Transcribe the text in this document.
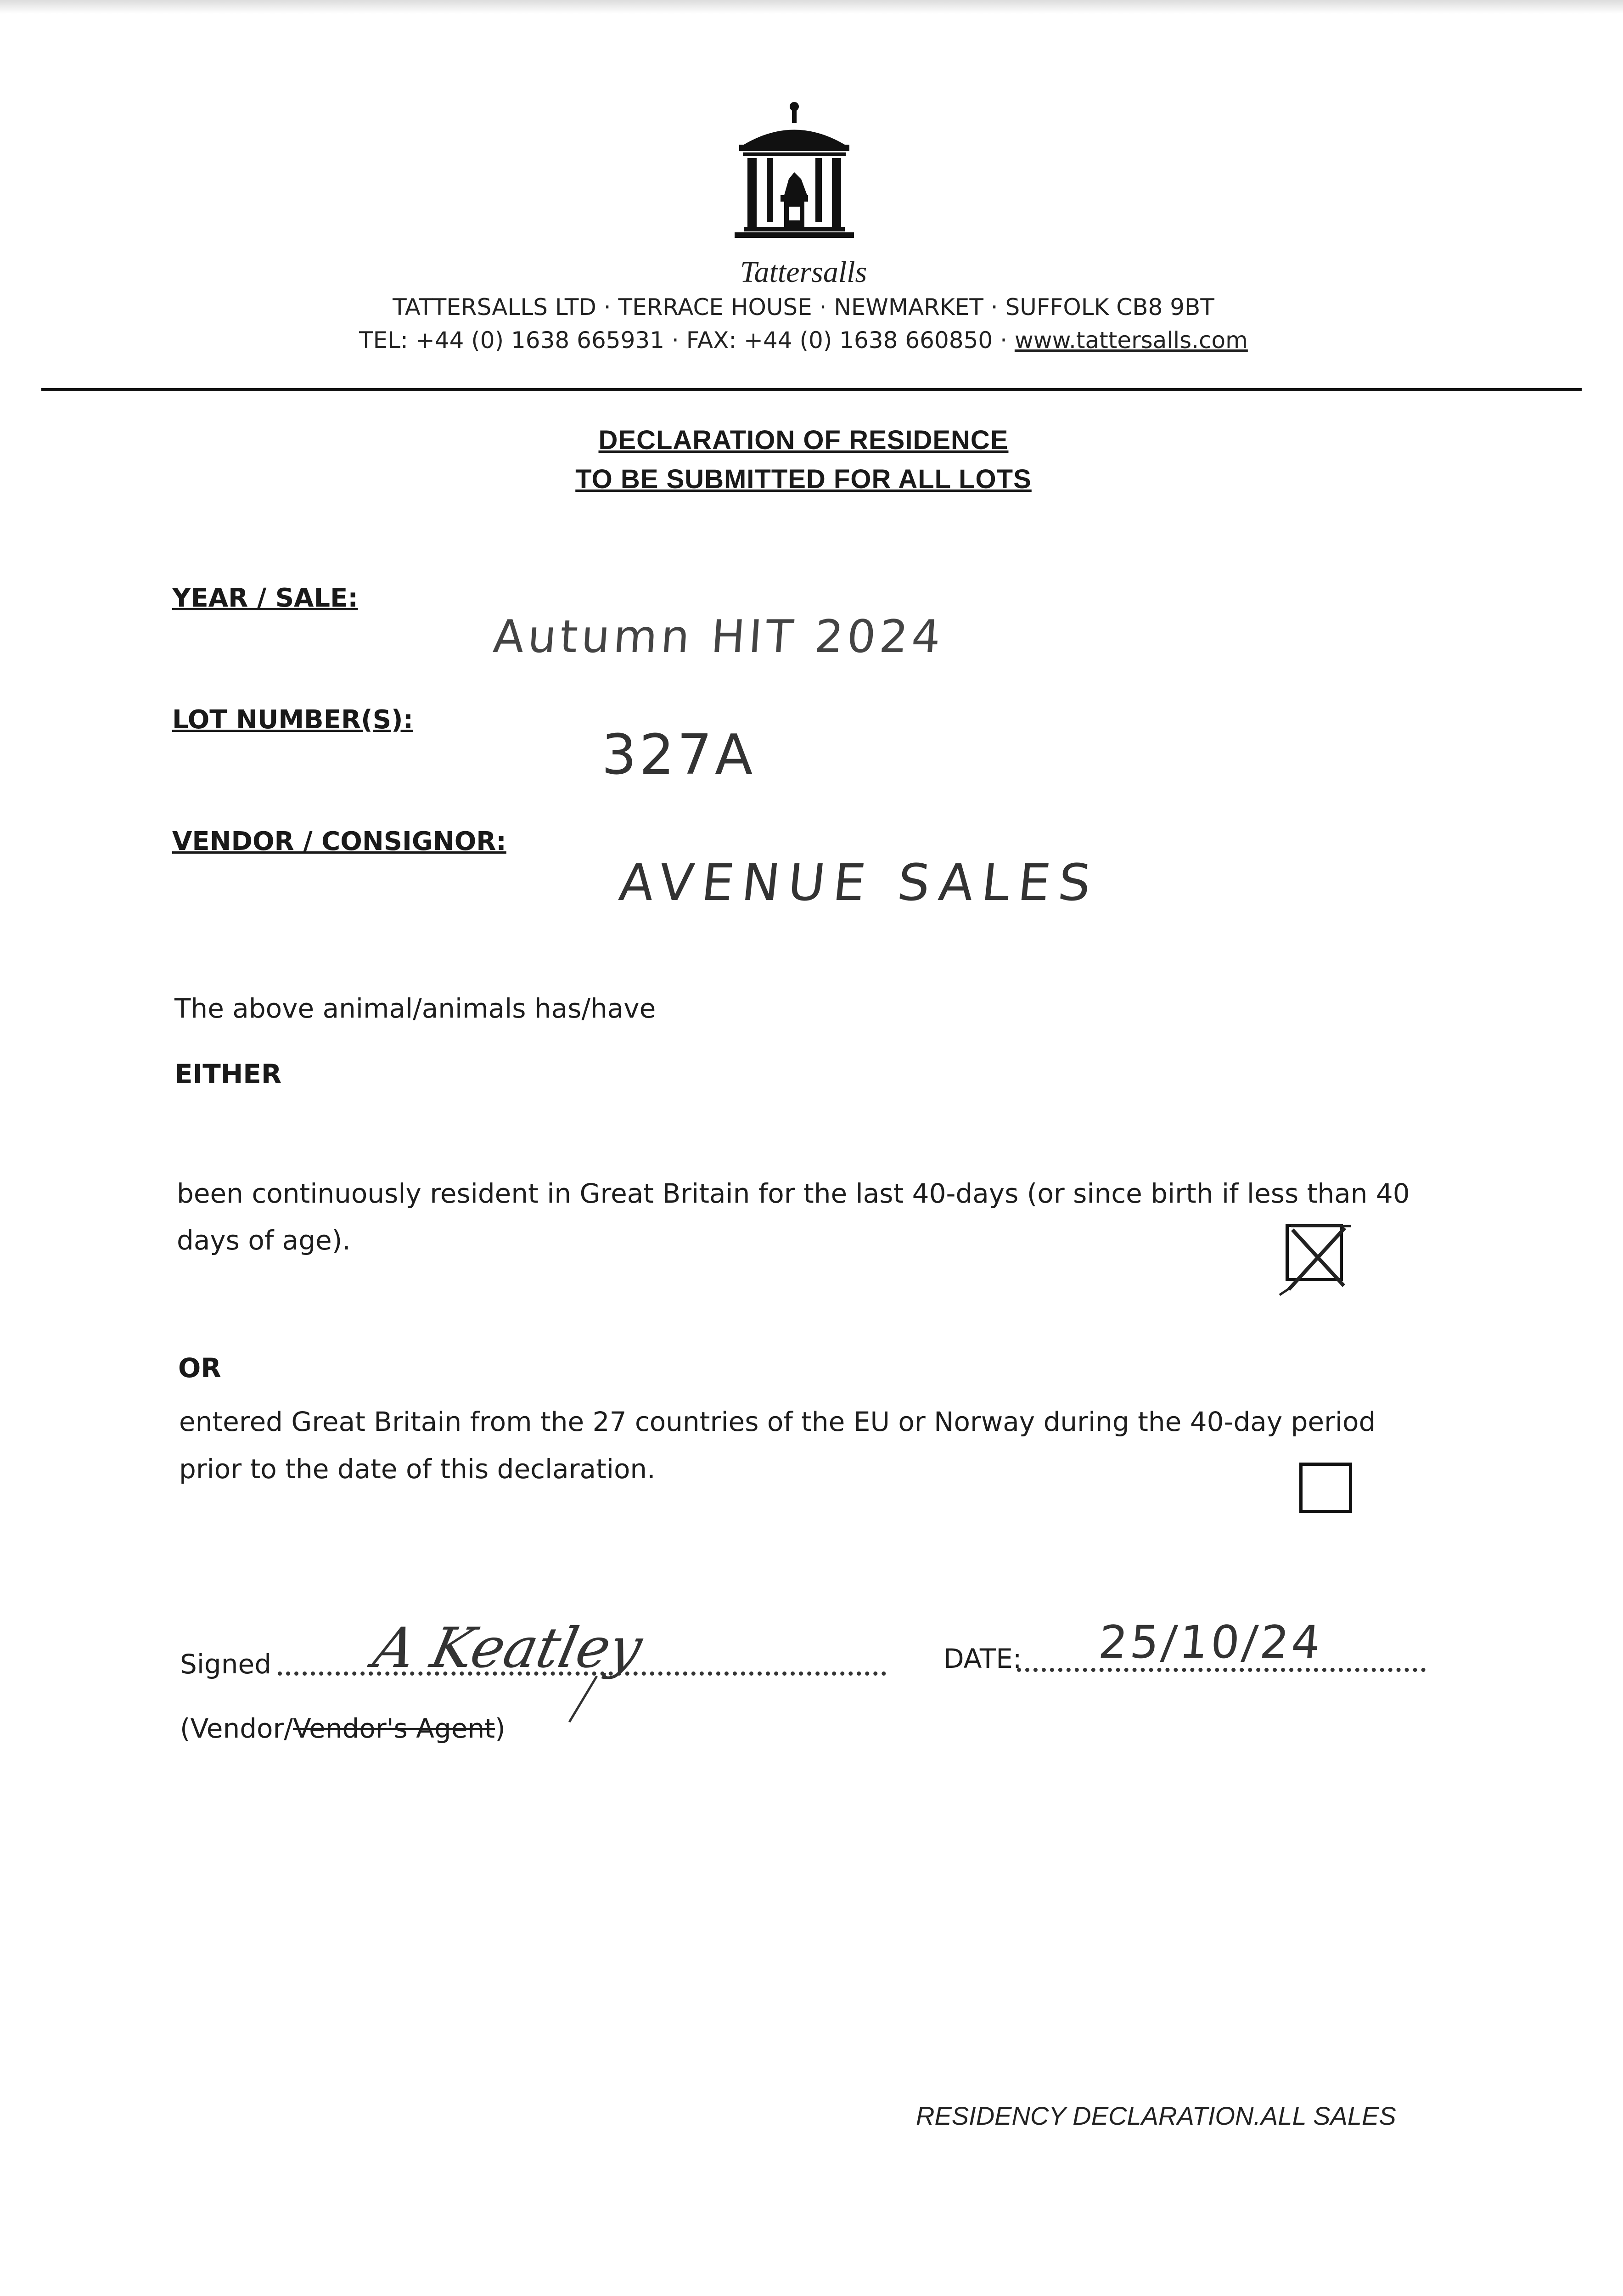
Tattersalls
TATTERSALLS LTD · TERRACE HOUSE · NEWMARKET · SUFFOLK CB8 9BT
TEL: +44 (0) 1638 665931 · FAX: +44 (0) 1638 660850 · www.tattersalls.com
DECLARATION OF RESIDENCE
TO BE SUBMITTED FOR ALL LOTS
YEAR / SALE:
Autumn HIT 2024
LOT NUMBER(S):
327A
VENDOR / CONSIGNOR:
AVENUE SALES
The above animal/animals has/have
EITHER
been continuously resident in Great Britain for the last 40-days (or since birth if less than 40
days of age).
OR
entered Great Britain from the 27 countries of the EU or Norway during the 40-day period
prior to the date of this declaration.
Signed A Keatley	DATE: 25/10/24
(Vendor/Vendor's Agent)
RESIDENCY DECLARATION.ALL SALES
